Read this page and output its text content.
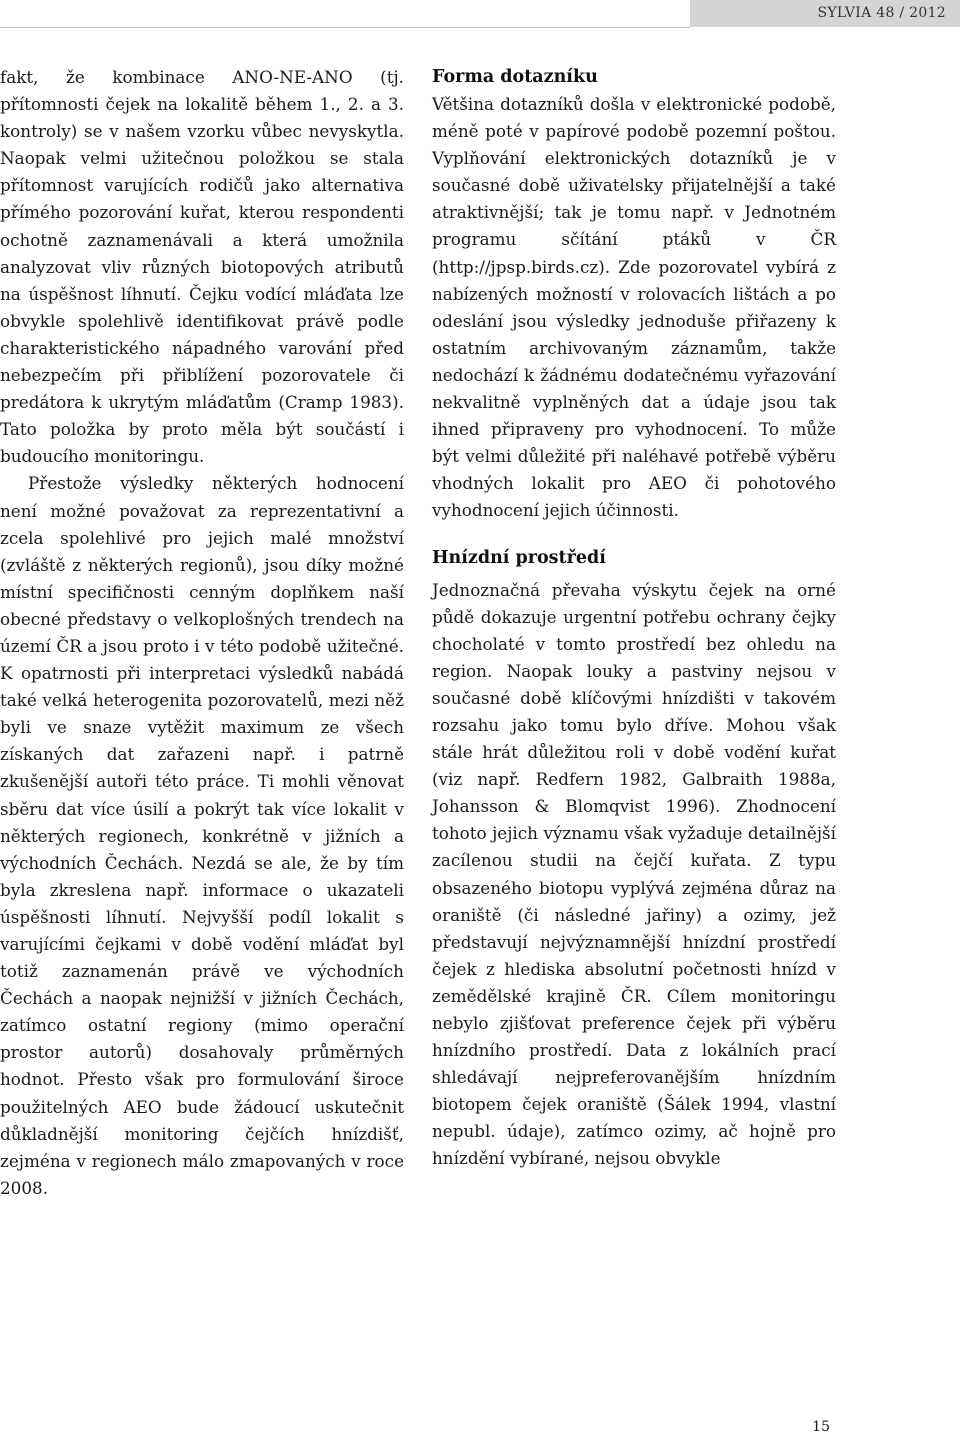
SYLVIA 48 / 2012

fakt, že kombinace ANO-NE-ANO (tj. přítomnosti čejek na lokalitě během 1., 2. a 3. kontroly) se v našem vzorku vůbec nevyskytla. Naopak velmi užitečnou položkou se stala přítomnost varujících rodičů jako alternativa přímého pozorování kuřat, kterou respondenti ochotně zaznamenávali a která umožnila analyzovat vliv různých biotopových atributů na úspěšnost líhnutí. Čejku vodící mláďata lze obvykle spolehlivě identifikovat právě podle charakteristického nápadného varování před nebezpečím při přiblížení pozorovatele či predátora k ukrytým mláďatům (Cramp 1983). Tato položka by proto měla být součástí i budoucího monitoringu.

Přestože výsledky některých hodnocení není možné považovat za reprezentativní a zcela spolehlivé pro jejich malé množství (zvláště z některých regionů), jsou díky možné místní specifičnosti cenným doplňkem naší obecné představy o velkoplošných trendech na území ČR a jsou proto i v této podobě užitečné. K opatrnosti při interpretaci výsledků nabádá také velká heterogenita pozorovatelů, mezi něž byli ve snaze vytěžit maximum ze všech získaných dat zařazeni např. i patrně zkušenější autoři této práce. Ti mohli věnovat sběru dat více úsilí a pokrýt tak více lokalit v některých regionech, konkrétně v jižních a východních Čechách. Nezdá se ale, že by tím byla zkreslena např. informace o ukazateli úspěšnosti líhnutí. Nejvyšší podíl lokalit s varujícími čejkami v době vodění mláďat byl totiž zaznamenán právě ve východních Čechách a naopak nejnižší v jižních Čechách, zatímco ostatní regiony (mimo operační prostor autorů) dosahovaly průměrných hodnot. Přesto však pro formulování široce použitelných AEO bude žádoucí uskutečnit důkladnější monitoring čejčích hnízdišť, zejména v regionech málo zmapovaných v roce 2008.

Forma dotazníku

Většina dotazníků došla v elektronické podobě, méně poté v papírové podobě pozemní poštou. Vyplňování elektronických dotazníků je v současné době uživatelsky přijatelnější a také atraktivnější; tak je tomu např. v Jednotném programu sčítání ptáků v ČR (http://jpsp.birds.cz). Zde pozorovatel vybírá z nabízených možností v rolovacích lištách a po odeslání jsou výsledky jednoduše přiřazeny k ostatním archivovaným záznamům, takže nedochází k žádnému dodatečnému vyřazování nekvalitně vyplněných dat a údaje jsou tak ihned připraveny pro vyhodnocení. To může být velmi důležité při naléhavé potřebě výběru vhodných lokalit pro AEO či pohotového vyhodnocení jejich účinnosti.

Hnízdní prostředí

Jednoznačná převaha výskytu čejek na orné půdě dokazuje urgentní potřebu ochrany čejky chocholaté v tomto prostředí bez ohledu na region. Naopak louky a pastviny nejsou v současné době klíčovými hnízdišti v takovém rozsahu jako tomu bylo dříve. Mohou však stále hrát důležitou roli v době vodění kuřat (viz např. Redfern 1982, Galbraith 1988a, Johansson & Blomqvist 1996). Zhodnocení tohoto jejich významu však vyžaduje detailnější zacílenou studii na čejčí kuřata. Z typu obsazeného biotopu vyplývá zejména důraz na oraniště (či následné jařiny) a ozimy, jež představují nejvýznamnější hnízdní prostředí čejek z hlediska absolutní početnosti hnízd v zemědělské krajině ČR. Cílem monitoringu nebylo zjišťovat preference čejek při výběru hnízdního prostředí. Data z lokálních prací shledávají nejpreferovanějším hnízdním biotopem čejek oraniště (Šálek 1994, vlastní nepubl. údaje), zatímco ozimy, ač hojně pro hnízdění vybírané, nejsou obvykle

15
